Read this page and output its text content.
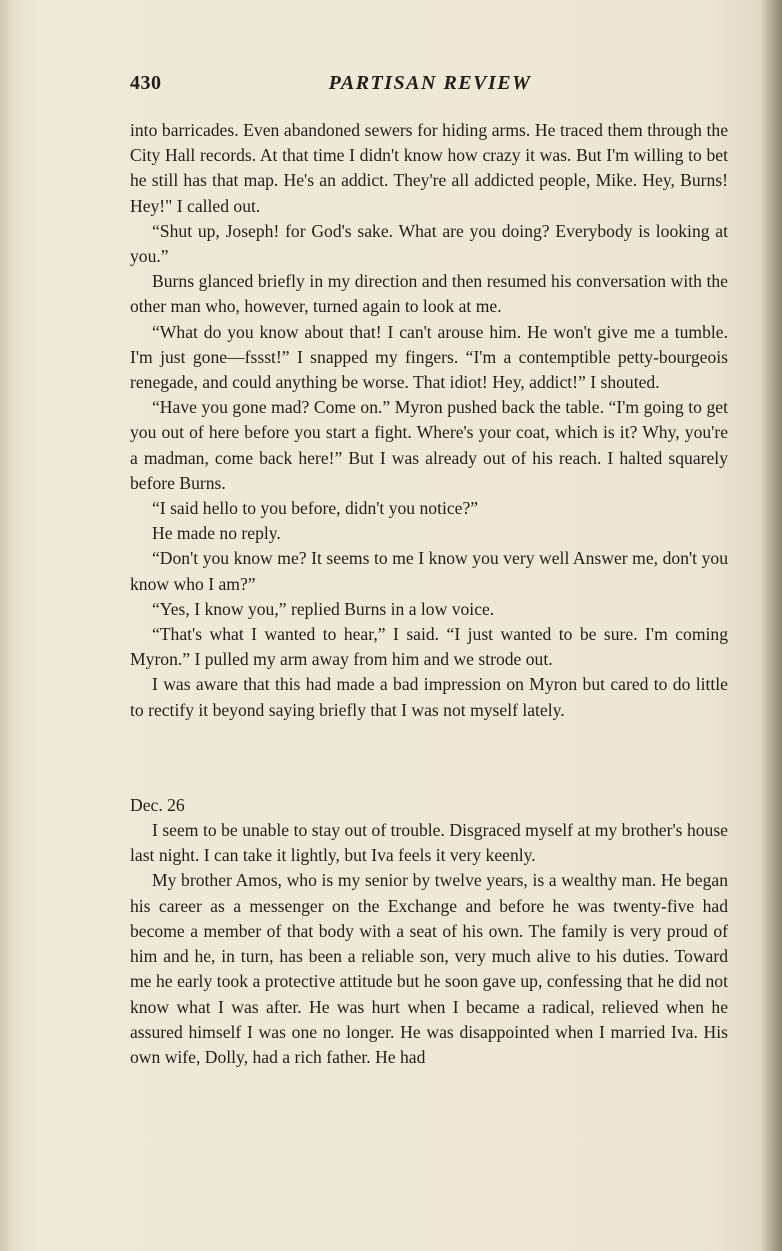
430	PARTISAN REVIEW

into barricades. Even abandoned sewers for hiding arms. He traced them through the City Hall records. At that time I didn't know how crazy it was. But I'm willing to bet he still has that map. He's an addict. They're all addicted people, Mike. Hey, Burns! Hey!" I called out.

“Shut up, Joseph! for God's sake. What are you doing? Everybody is looking at you.”

Burns glanced briefly in my direction and then resumed his conversation with the other man who, however, turned again to look at me.

“What do you know about that! I can't arouse him. He won't give me a tumble. I'm just gone—fssst!” I snapped my fingers. “I'm a contemptible petty-bourgeois renegade, and could anything be worse. That idiot! Hey, addict!” I shouted.

“Have you gone mad? Come on.” Myron pushed back the table. “I'm going to get you out of here before you start a fight. Where's your coat, which is it? Why, you're a madman, come back here!” But I was already out of his reach. I halted squarely before Burns.

“I said hello to you before, didn't you notice?”

He made no reply.

“Don't you know me? It seems to me I know you very well Answer me, don't you know who I am?”

“Yes, I know you,” replied Burns in a low voice.

“That's what I wanted to hear,” I said. “I just wanted to be sure. I'm coming Myron.” I pulled my arm away from him and we strode out.

I was aware that this had made a bad impression on Myron but cared to do little to rectify it beyond saying briefly that I was not myself lately.

Dec. 26

I seem to be unable to stay out of trouble. Disgraced myself at my brother's house last night. I can take it lightly, but Iva feels it very keenly.

My brother Amos, who is my senior by twelve years, is a wealthy man. He began his career as a messenger on the Exchange and before he was twenty-five had become a member of that body with a seat of his own. The family is very proud of him and he, in turn, has been a reliable son, very much alive to his duties. Toward me he early took a protective attitude but he soon gave up, confessing that he did not know what I was after. He was hurt when I became a radical, relieved when he assured himself I was one no longer. He was disappointed when I married Iva. His own wife, Dolly, had a rich father. He had
